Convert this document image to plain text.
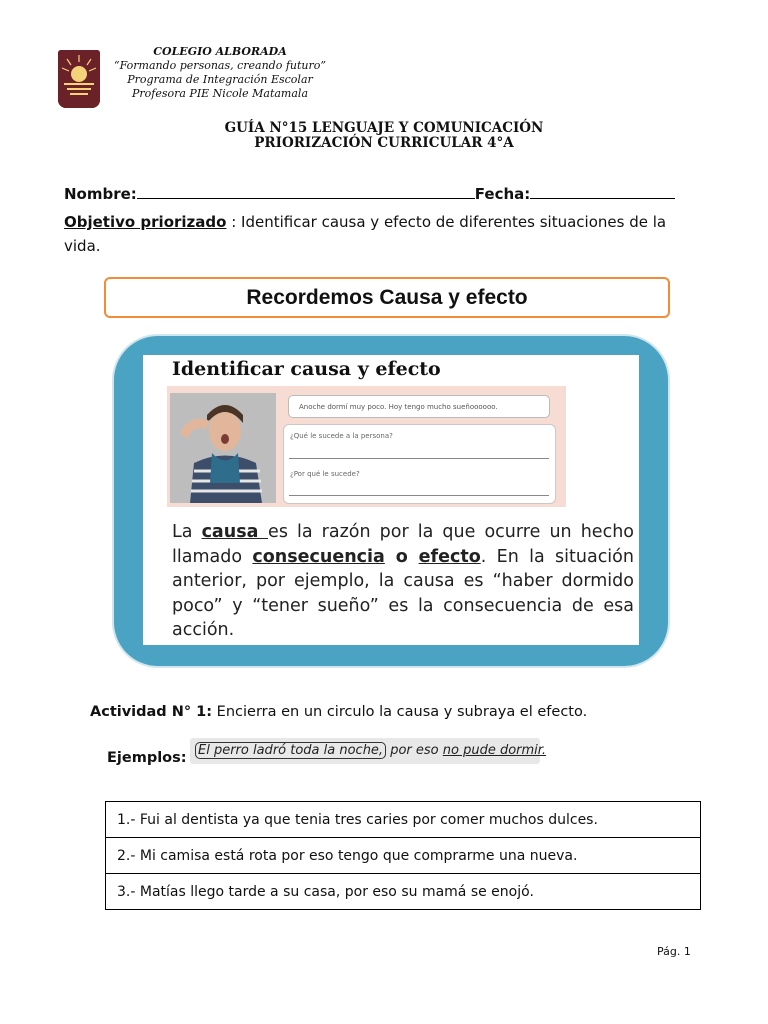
COLEGIO ALBORADA
“Formando personas, creando futuro”
Programa de Integración Escolar
Profesora PIE Nicole Matamala
GUÍA N°15 LENGUAJE Y COMUNICACIÓN
PRIORIZACIÓN CURRICULAR 4°A
Nombre:	Fecha:
Objetivo priorizado : Identificar causa y efecto de diferentes situaciones de la
vida.
Recordemos Causa y efecto
Identificar causa y efecto
Anoche dormí muy poco. Hoy tengo mucho sueñoooooo.
¿Qué le sucede a la persona?
¿Por qué le sucede?
La causa es la razón por la que ocurre un hecho llamado consecuencia o efecto. En la situación anterior, por ejemplo, la causa es “haber dormido poco” y “tener sueño” es la consecuencia de esa acción.
Actividad N° 1: Encierra en un circulo la causa y subraya el efecto.
Ejemplos: El perro ladró toda la noche, por eso no pude dormir.
1.- Fui al dentista ya que tenia tres caries por comer muchos dulces.
2.- Mi camisa está rota por eso tengo que comprarme una nueva.
3.- Matías llego tarde a su casa, por eso su mamá se enojó.
Pág. 1
